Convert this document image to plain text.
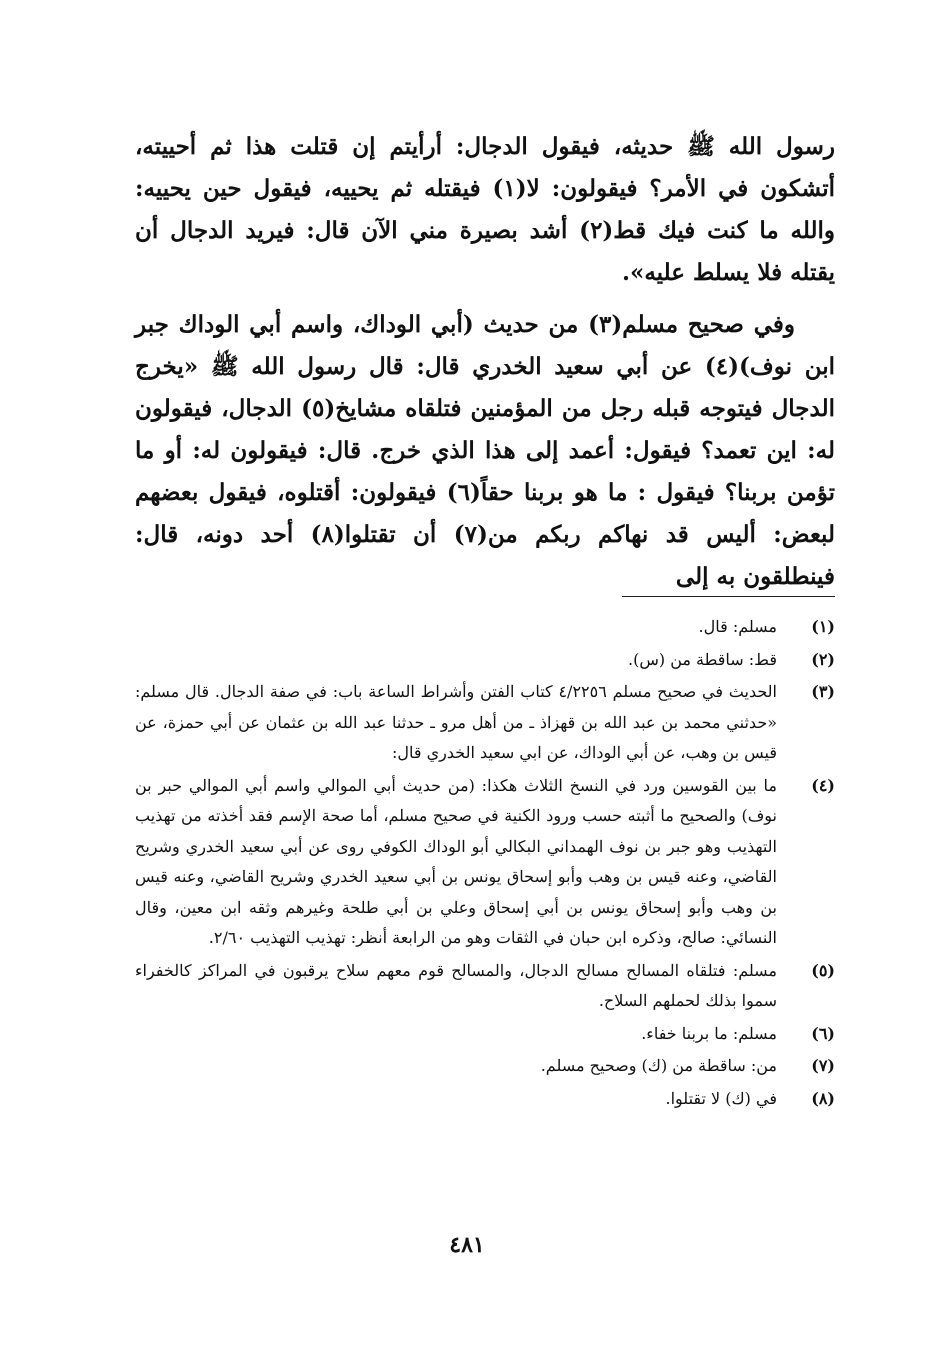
رسول الله ﷺ حديثه، فيقول الدجال: أرأيتم إن قتلت هذا ثم أحييته، أتشكون في الأمر؟ فيقولون: لا(١) فيقتله ثم يحييه، فيقول حين يحييه: والله ما كنت فيك قط(٢) أشد بصيرة مني الآن قال: فيريد الدجال أن يقتله فلا يسلط عليه».

وفي صحيح مسلم(٣) من حديث (أبي الوداك، واسم أبي الوداك جبر ابن نوف)(٤) عن أبي سعيد الخدري قال: قال رسول الله ﷺ «يخرج الدجال فيتوجه قبله رجل من المؤمنين فتلقاه مشايخ(٥) الدجال، فيقولون له: اين تعمد؟ فيقول: أعمد إلى هذا الذي خرج. قال: فيقولون له: أو ما تؤمن بربنا؟ فيقول : ما هو بربنا حقاً(٦) فيقولون: أقتلوه، فيقول بعضهم لبعض: أليس قد نهاكم ربكم من(٧) أن تقتلوا(٨) أحد دونه، قال: فينطلقون به إلى

(١)
مسلم: قال.
(٢)
قط: ساقطة من (س).
(٣)
الحديث في صحيح مسلم ٤/٢٢٥٦ كتاب الفتن وأشراط الساعة باب: في صفة الدجال. قال مسلم: «حدثني محمد بن عبد الله بن قهزاذ ـ من أهل مرو ـ حدثنا عبد الله بن عثمان عن أبي حمزة، عن قيس بن وهب، عن أبي الوداك، عن ابي سعيد الخدري قال:
(٤)
ما بين القوسين ورد في النسخ الثلاث هكذا: (من حديث أبي الموالي واسم أبي الموالي حبر بن نوف) والصحيح ما أثبته حسب ورود الكنية في صحيح مسلم، أما صحة الإسم فقد أخذته من تهذيب التهذيب وهو جبر بن نوف الهمداني البكالي أبو الوداك الكوفي روى عن أبي سعيد الخدري وشريح القاضي، وعنه قيس بن وهب وأبو إسحاق يونس بن أبي سعيد الخدري وشريح القاضي، وعنه قيس بن وهب وأبو إسحاق يونس بن أبي إسحاق وعلي بن أبي طلحة وغيرهم وثقه ابن معين، وقال النسائي: صالح، وذكره ابن حبان في الثقات وهو من الرابعة أنظر: تهذيب التهذيب ٢/٦٠.
(٥)
مسلم: فتلقاه المسالح مسالح الدجال، والمسالح قوم معهم سلاح يرقبون في المراكز كالخفراء سموا بذلك لحملهم السلاح.
(٦)
مسلم: ما بربنا خفاء.
(٧)
من: ساقطة من (ك) وصحيح مسلم.
(٨)
في (ك) لا تقتلوا.
٤٨١
